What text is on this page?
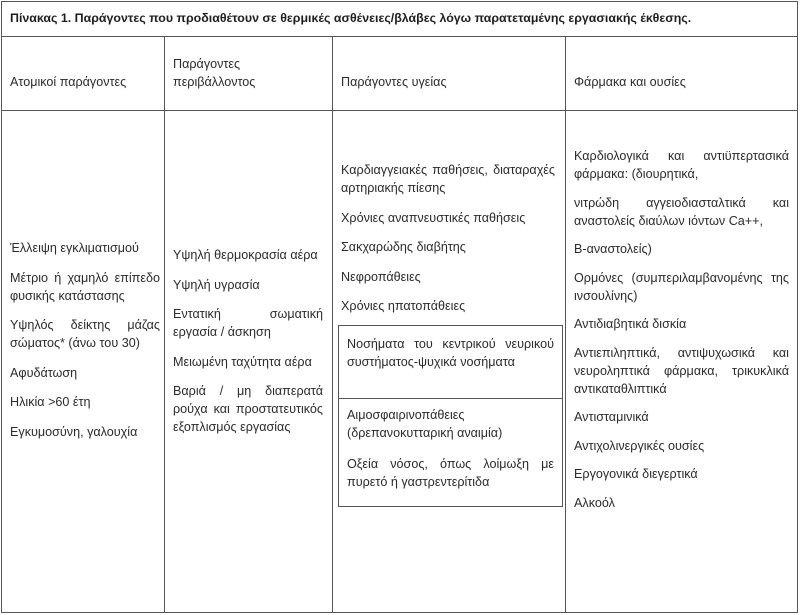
Πίνακας 1. Παράγοντες που προδιαθέτουν σε θερμικές ασθένειες/βλάβες λόγω παρατεταμένης εργασιακής έκθεσης.
Ατομικοί παράγοντες
Παράγοντες περιβάλλοντος	Παράγοντες υγείας	Φάρμακα και ουσίες
Έλλειψη εγκλιματισμού
Μέτριο ή χαμηλό επίπεδο φυσικής κατάστασης
Υψηλός δείκτης μάζας σώματος* (άνω του 30)
Αφυδάτωση
Ηλικία >60 έτη
Εγκυμοσύνη, γαλουχία
Υψηλή θερμοκρασία αέρα
Υψηλή υγρασία
Εντατική σωματική εργασία / άσκηση
Μειωμένη ταχύτητα αέρα
Βαριά / μη διαπερατά ρούχα και προστατευτικός εξοπλισμός εργασίας
Καρδιαγγειακές παθήσεις, διαταραχές αρτηριακής πίεσης
Χρόνιες αναπνευστικές παθήσεις
Σακχαρώδης διαβήτης
Νεφροπάθειες
Χρόνιες ηπατοπάθειες
Νοσήματα του κεντρικού νευρικού συστήματος-ψυχικά νοσήματα
Αιμοσφαιρινοπάθειες (δρεπανοκυτταρική αναιμία)
Οξεία νόσος, όπως λοίμωξη με πυρετό ή γαστρεντερίτιδα
Καρδιολογικά και αντιϋπερτασικά φάρμακα: (διουρητικά,
νιτρώδη αγγειοδιασταλτικά και αναστολείς διαύλων ιόντων Ca++,
Β-αναστολείς)
Ορμόνες (συμπεριλαμβανομένης της ινσουλίνης)
Αντιδιαβητικά δισκία
Αντιεπιληπτικά, αντιψυχωσικά και νευροληπτικά φάρμακα, τρικυκλικά αντικαταθλιπτικά
Αντισταμινικά
Αντιχολινεργικές ουσίες
Εργογονικά διεγερτικά
Αλκοόλ
